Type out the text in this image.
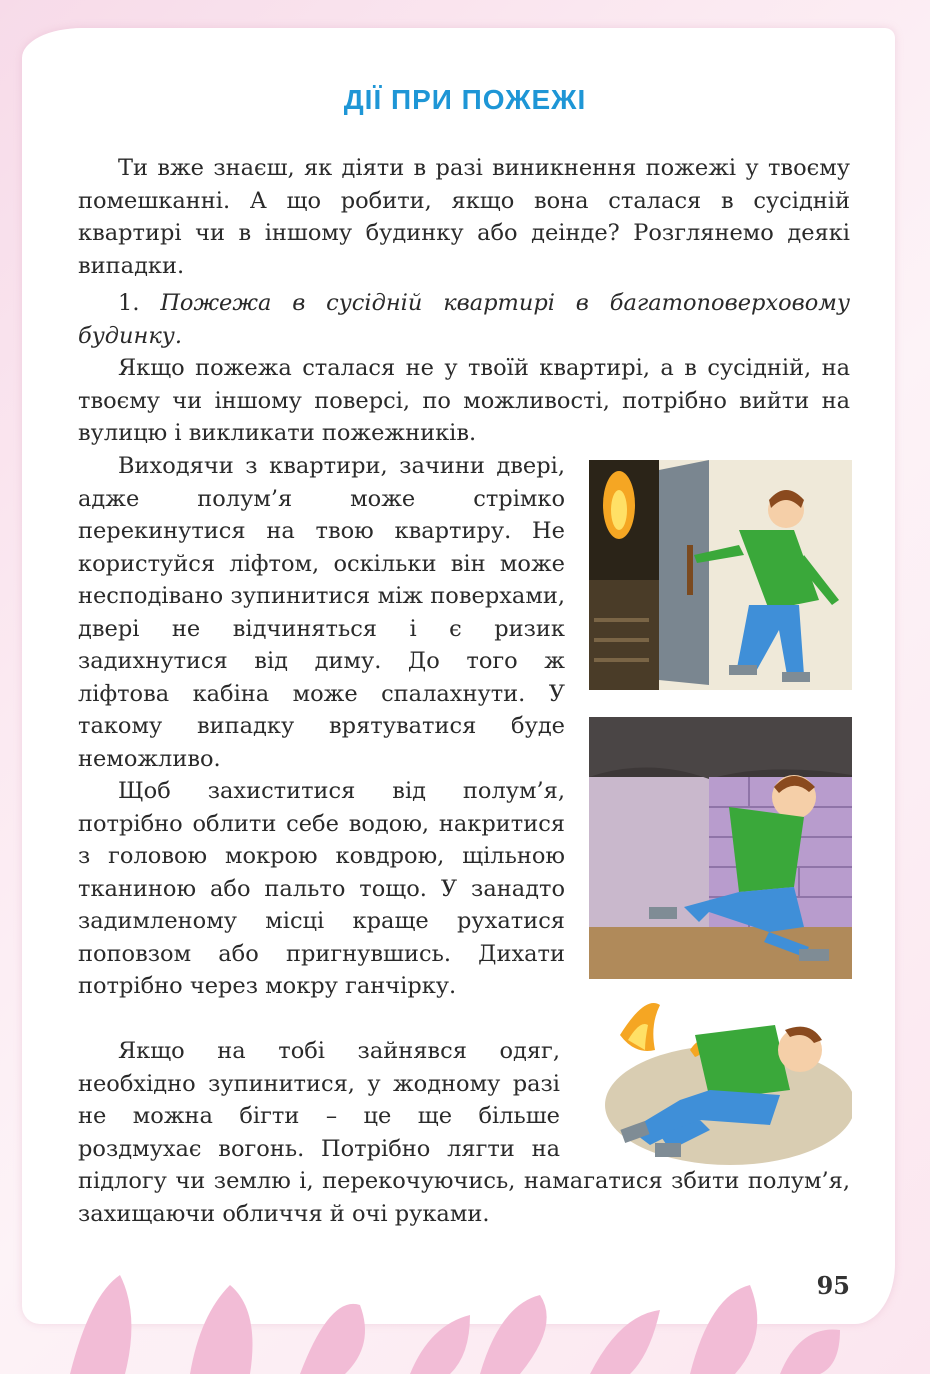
ДІЇ ПРИ ПОЖЕЖІ

Ти вже знаєш, як діяти в разі виникнення пожежі у твоєму помешканні. А що робити, якщо вона сталася в сусідній квартирі чи в іншому будинку або деінде? Розглянемо деякі випадки.

1. Пожежа в сусідній квартирі в багатоповерховому будинку.

Якщо пожежа сталася не у твоїй квартирі, а в сусідній, на твоєму чи іншому поверсі, по можливості, потрібно вийти на вулицю і викликати пожежників.

Виходячи з квартири, зачини двері, адже полум’я може стрімко перекинутися на твою квартиру. Не користуйся ліфтом, оскільки він може несподівано зупинитися між поверхами, двері не відчиняться і є ризик задихнутися від диму. До того ж ліфтова кабіна може спалахнути. У такому випадку врятуватися буде неможливо.

Щоб захиститися від полум’я, потрібно облити себе водою, накритися з головою мокрою ковдрою, щільною тканиною або пальто тощо. У занадто задимленому місці краще рухатися поповзом або пригнувшись. Дихати потрібно через мокру ганчірку.

Якщо на тобі зайнявся одяг, необхідно зупинитися, у жодному разі не можна бігти – це ще більше роздмухає вогонь. Потрібно лягти на підлогу чи землю і, перекочуючись, намагатися збити полум’я, захищаючи обличчя й очі руками.

95
